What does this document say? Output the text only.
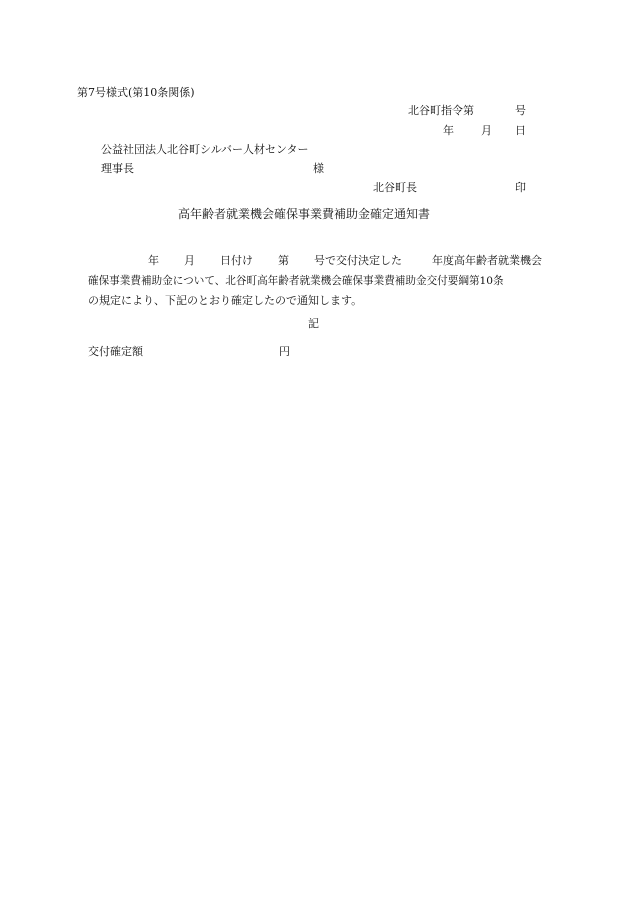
第7号様式(第10条関係)
北谷町指令第	号
年 月 日
公益社団法人北谷町シルバー人材センター
理事長	様
北谷町長	印
高年齢者就業機会確保事業費補助金確定通知書
年 月 日付け 第 号で交付決定した	年度高年齢者就業機会
確保事業費補助金について、北谷町高年齢者就業機会確保事業費補助金交付要綱第10条
の規定により、下記のとおり確定したので通知します。
記
交付確定額	円
